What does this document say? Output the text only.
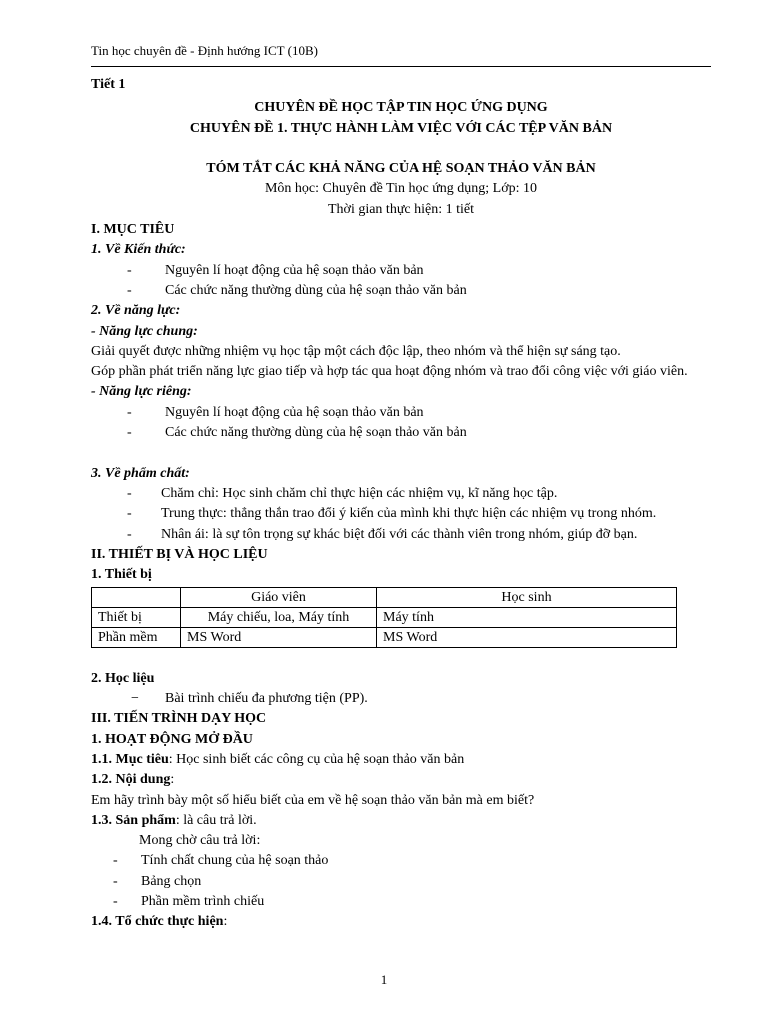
Tin học chuyên đề - Định hướng ICT (10B)

Tiết 1

CHUYÊN ĐỀ HỌC TẬP TIN HỌC ỨNG DỤNG

CHUYÊN ĐỀ 1. THỰC HÀNH LÀM VIỆC VỚI CÁC TỆP VĂN BẢN

TÓM TẮT CÁC KHẢ NĂNG CỦA HỆ SOẠN THẢO VĂN BẢN

Môn học: Chuyên đề Tin học ứng dụng; Lớp: 10

Thời gian thực hiện: 1 tiết

I. MỤC TIÊU

1. Về Kiến thức:

- Nguyên lí hoạt động của hệ soạn thảo văn bản

- Các chức năng thường dùng của hệ soạn thảo văn bản

2. Về năng lực:

- Năng lực chung:

Giải quyết được những nhiệm vụ học tập một cách độc lập, theo nhóm và thể hiện sự sáng tạo.

Góp phần phát triển năng lực giao tiếp và hợp tác qua hoạt động nhóm và trao đổi công việc với giáo viên.

- Năng lực riêng:

- Nguyên lí hoạt động của hệ soạn thảo văn bản

- Các chức năng thường dùng của hệ soạn thảo văn bản

3. Về phẩm chất:

- Chăm chỉ: Học sinh chăm chỉ thực hiện các nhiệm vụ, kĩ năng học tập.

- Trung thực: thẳng thắn trao đổi ý kiến của mình khi thực hiện các nhiệm vụ trong nhóm.

- Nhân ái: là sự tôn trọng sự khác biệt đối với các thành viên trong nhóm, giúp đỡ bạn.

II. THIẾT BỊ VÀ HỌC LIỆU

1. Thiết bị

	Giáo viên	Học sinh
Thiết bị	Máy chiếu, loa, Máy tính	Máy tính
Phần mềm	MS Word	MS Word

2. Học liệu

− Bài trình chiếu đa phương tiện (PP).

III. TIẾN TRÌNH DẠY HỌC

1. HOẠT ĐỘNG MỞ ĐẦU

1.1. Mục tiêu: Học sinh biết các công cụ của hệ soạn thảo văn bản

1.2. Nội dung:

Em hãy trình bày một số hiểu biết của em về hệ soạn thảo văn bản mà em biết?

1.3. Sản phẩm: là câu trả lời.

Mong chờ câu trả lời:

- Tính chất chung của hệ soạn thảo

- Bảng chọn

- Phần mềm trình chiếu

1.4. Tổ chức thực hiện:

1
